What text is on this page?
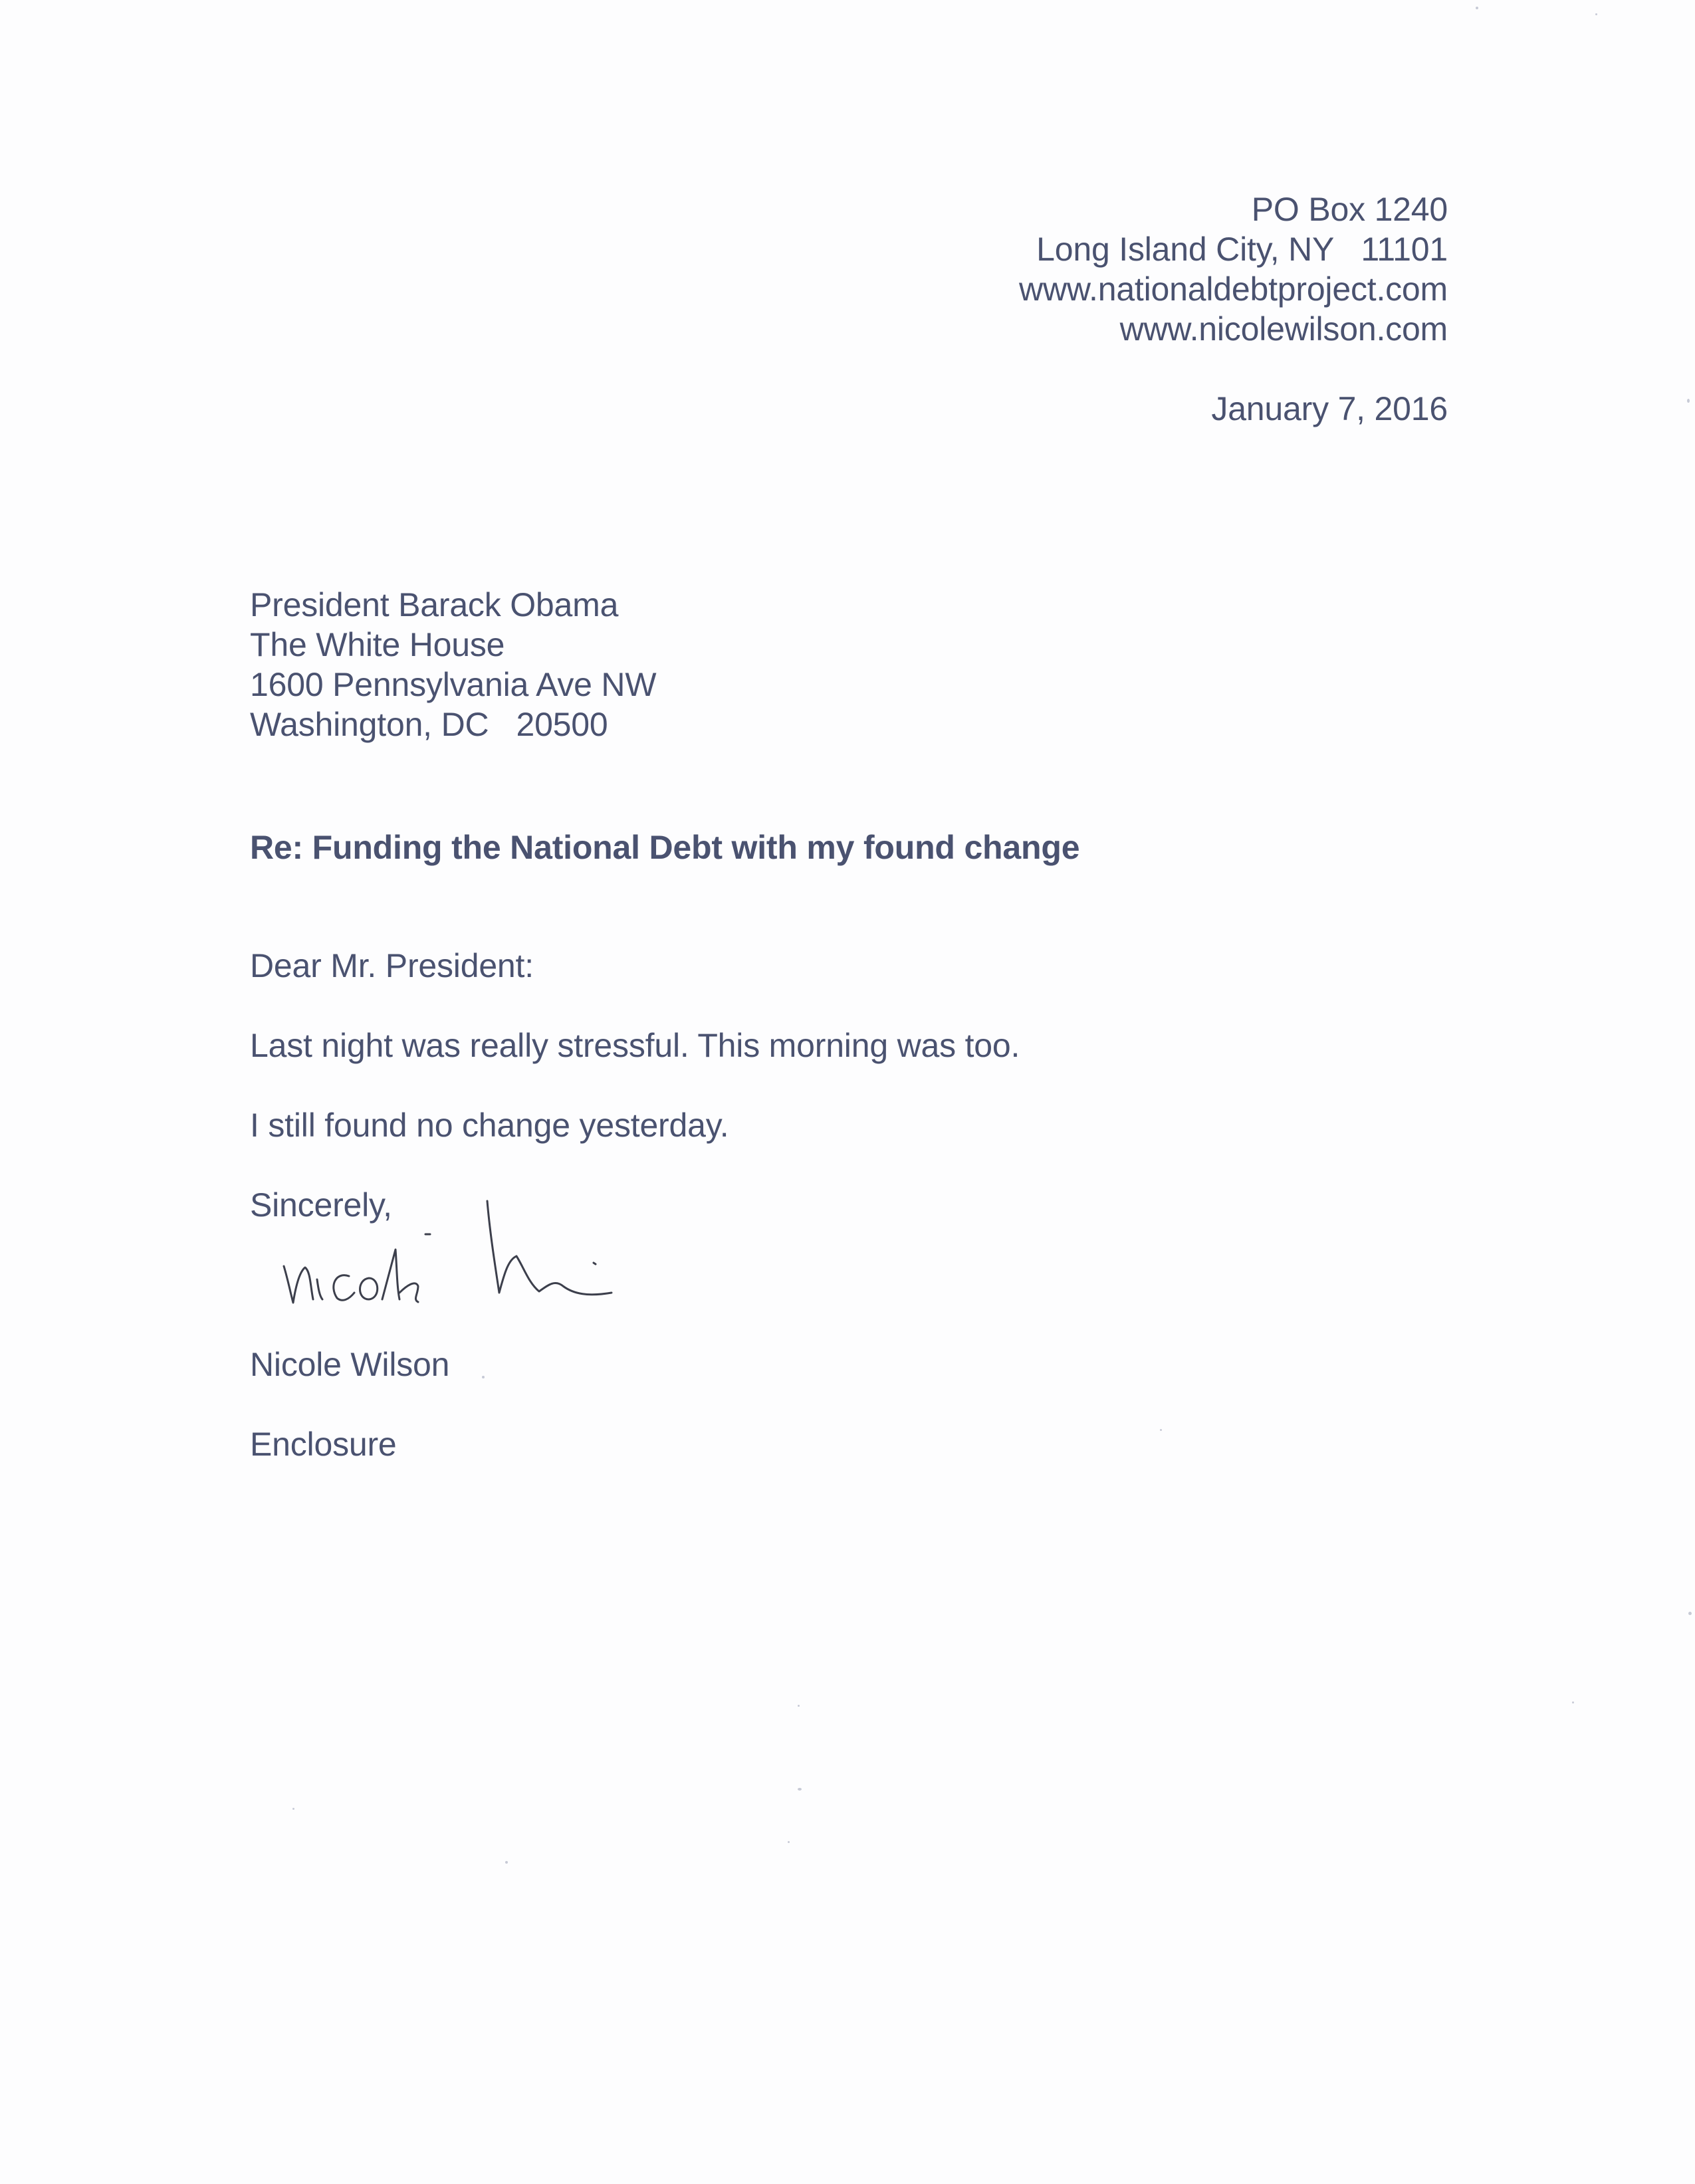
PO Box 1240
Long Island City, NY   11101
www.nationaldebtproject.com
www.nicolewilson.com
January 7, 2016
President Barack Obama
The White House
1600 Pennsylvania Ave NW
Washington, DC   20500
Re: Funding the National Debt with my found change
Dear Mr. President:
Last night was really stressful. This morning was too.
I still found no change yesterday.
Sincerely,
Nicole Wilson
Enclosure
